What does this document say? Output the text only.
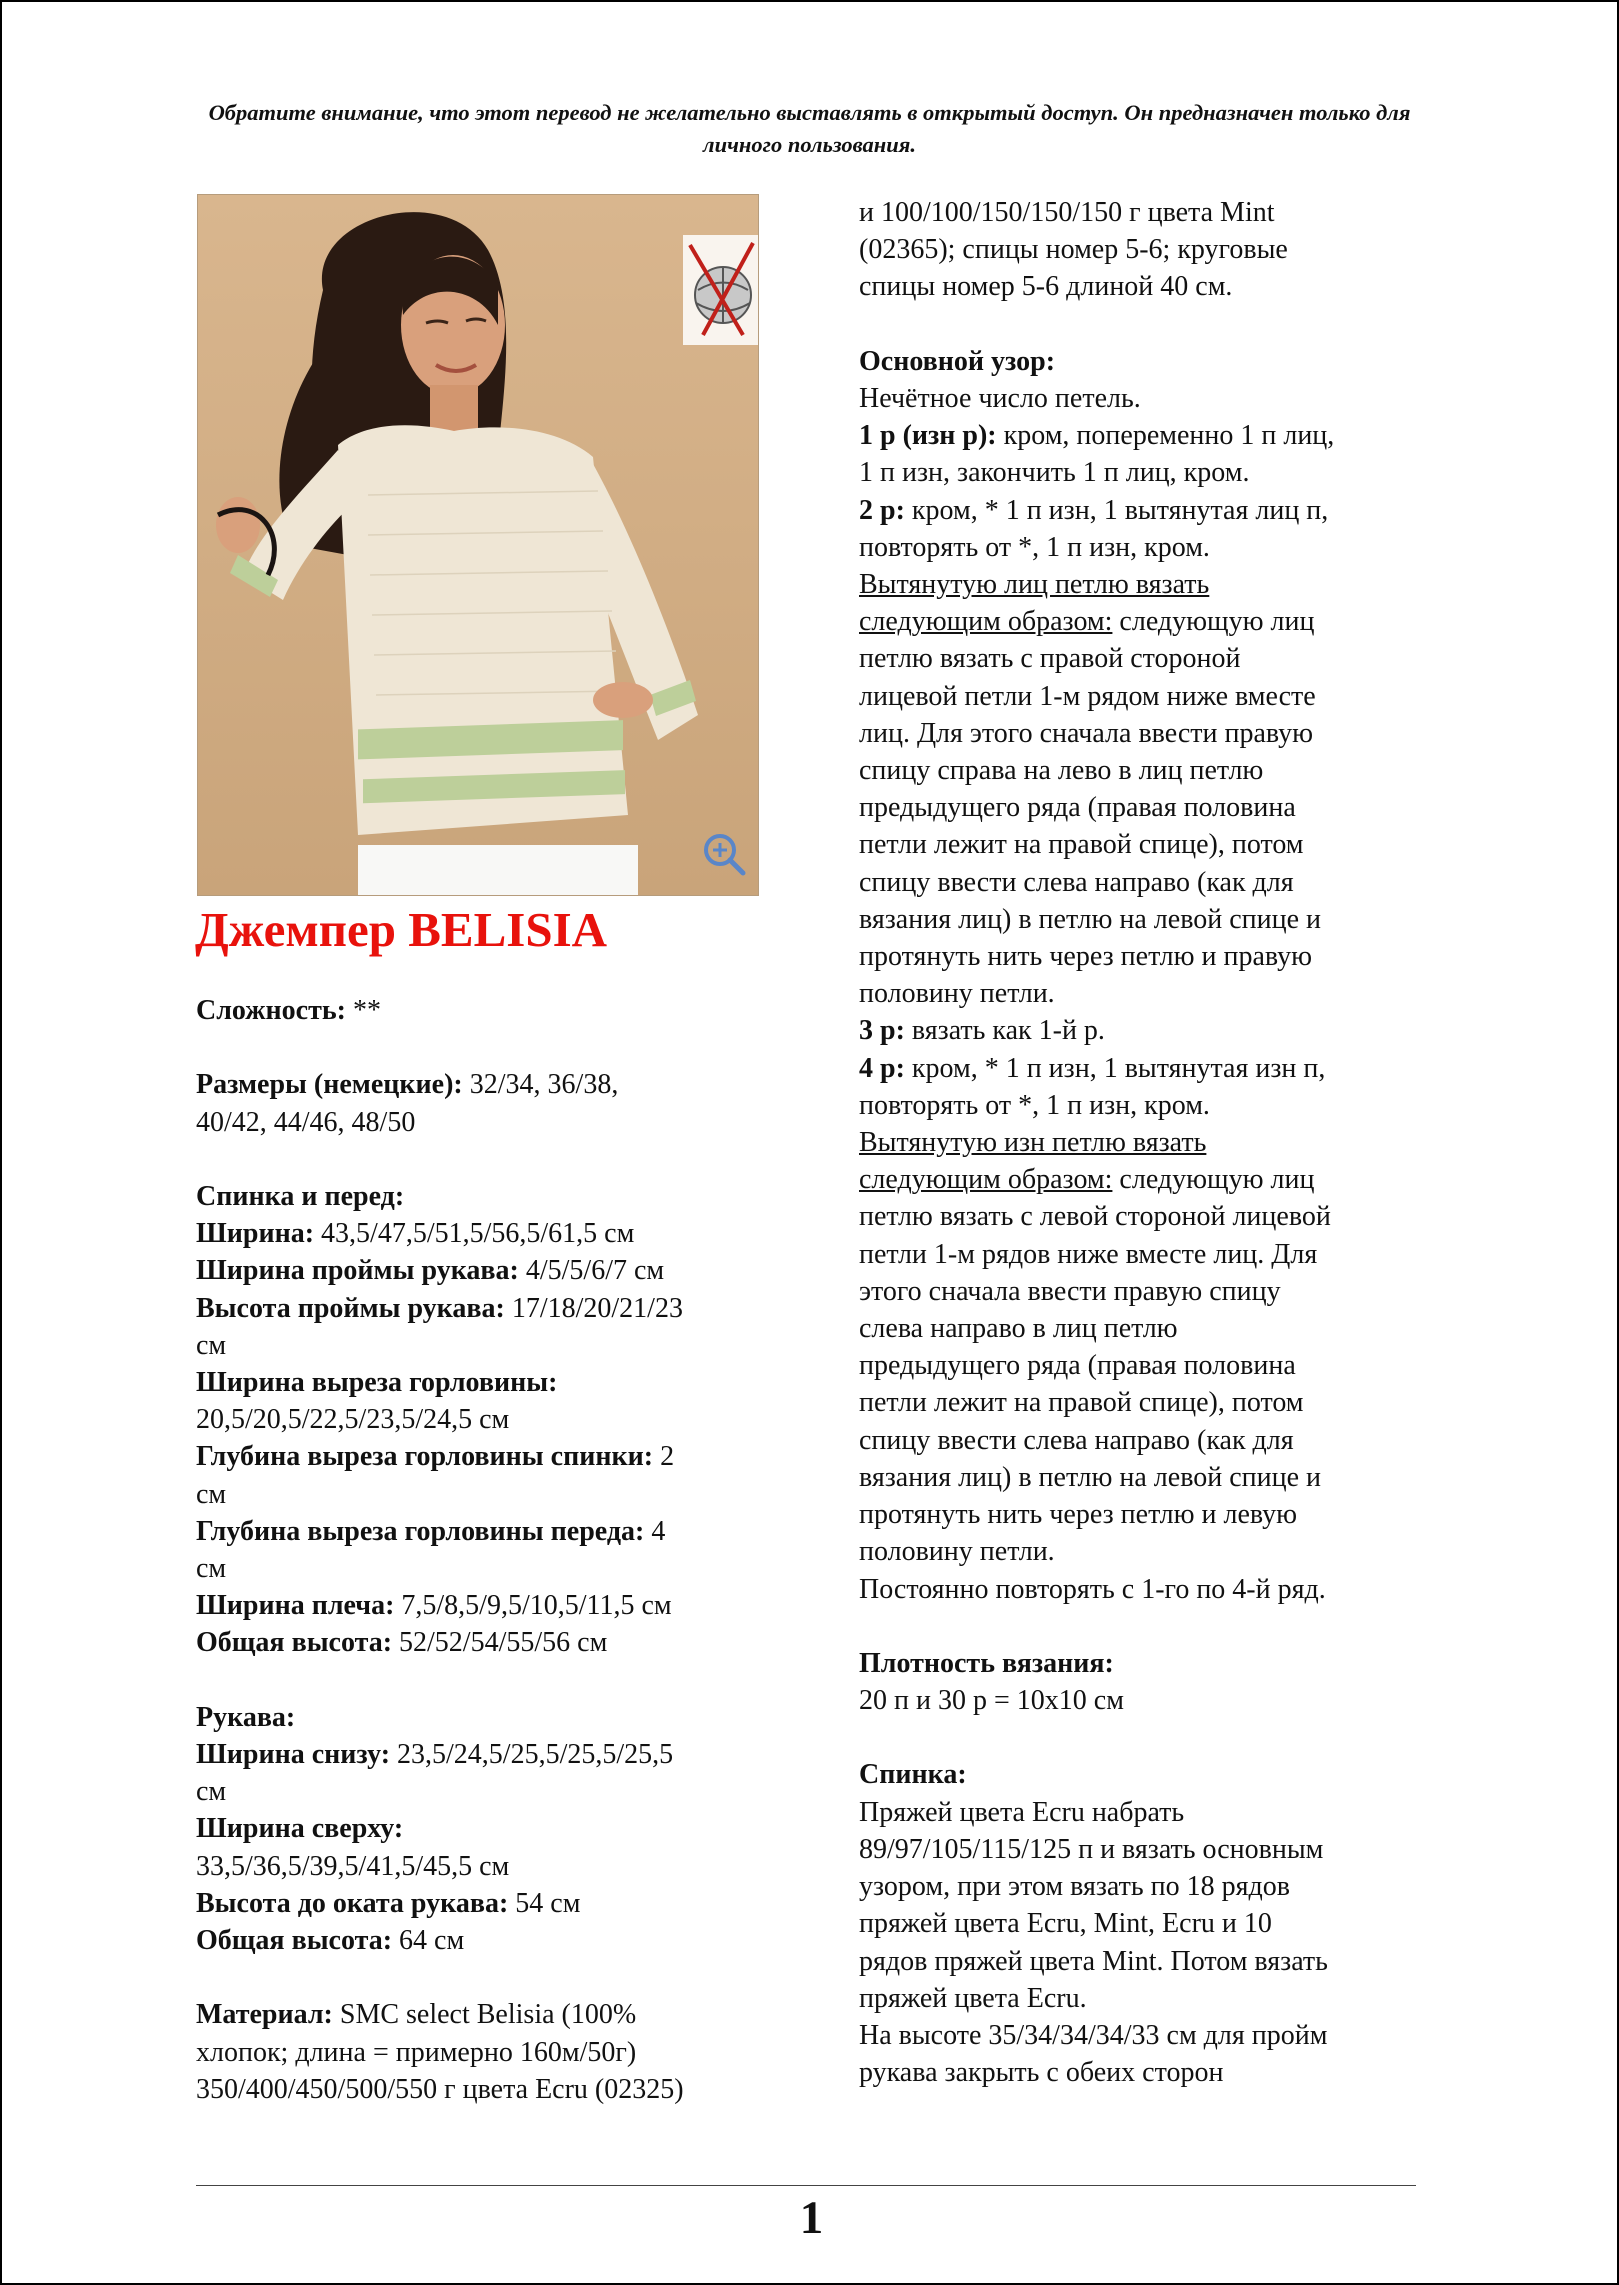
Обратите внимание, что этот перевод не желательно выставлять в открытый доступ. Он предназначен только для личного пользования.
Джемпер BELISIA

Сложность: **

Размеры (немецкие): 32/34, 36/38,
40/42, 44/46, 48/50

Спинка и перед:
Ширина: 43,5/47,5/51,5/56,5/61,5 см
Ширина проймы рукава: 4/5/5/6/7 см
Высота проймы рукава: 17/18/20/21/23
см
Ширина выреза горловины:
20,5/20,5/22,5/23,5/24,5 см
Глубина выреза горловины спинки: 2
см
Глубина выреза горловины переда: 4
см
Ширина плеча: 7,5/8,5/9,5/10,5/11,5 см
Общая высота: 52/52/54/55/56 см

Рукава:
Ширина снизу: 23,5/24,5/25,5/25,5/25,5
см
Ширина сверху:
33,5/36,5/39,5/41,5/45,5 см
Высота до оката рукава: 54 см
Общая высота: 64 см

Материал: SMC select Belisia (100%
хлопок; длина = примерно 160м/50г)
350/400/450/500/550 г цвета Ecru (02325)

и 100/100/150/150/150 г цвета Mint
(02365); спицы номер 5-6; круговые
спицы номер 5-6 длиной 40 см.

Основной узор:
Нечётное число петель.
1 р (изн р): кром, попеременно 1 п лиц,
1 п изн, закончить 1 п лиц, кром.
2 р: кром, * 1 п изн, 1 вытянутая лиц п,
повторять от *, 1 п изн, кром.
Вытянутую лиц петлю вязать
следующим образом: следующую лиц
петлю вязать с правой стороной
лицевой петли 1-м рядом ниже вместе
лиц. Для этого сначала ввести правую
спицу справа на лево в лиц петлю
предыдущего ряда (правая половина
петли лежит на правой спице), потом
спицу ввести слева направо (как для
вязания лиц) в петлю на левой спице и
протянуть нить через петлю и правую
половину петли.
3 р: вязать как 1-й р.
4 р: кром, * 1 п изн, 1 вытянутая изн п,
повторять от *, 1 п изн, кром.
Вытянутую изн петлю вязать
следующим образом: следующую лиц
петлю вязать с левой стороной лицевой
петли 1-м рядов ниже вместе лиц. Для
этого сначала ввести правую спицу
слева направо в лиц петлю
предыдущего ряда (правая половина
петли лежит на правой спице), потом
спицу ввести слева направо (как для
вязания лиц) в петлю на левой спице и
протянуть нить через петлю и левую
половину петли.
Постоянно повторять с 1-го по 4-й ряд.

Плотность вязания:
20 п и 30 р = 10х10 см

Спинка:
Пряжей цвета Ecru набрать
89/97/105/115/125 п и вязать основным
узором, при этом вязать по 18 рядов
пряжей цвета Ecru, Mint, Ecru и 10
рядов пряжей цвета Mint. Потом вязать
пряжей цвета Ecru.
На высоте 35/34/34/34/33 см для пройм
рукава закрыть с обеих сторон

1
